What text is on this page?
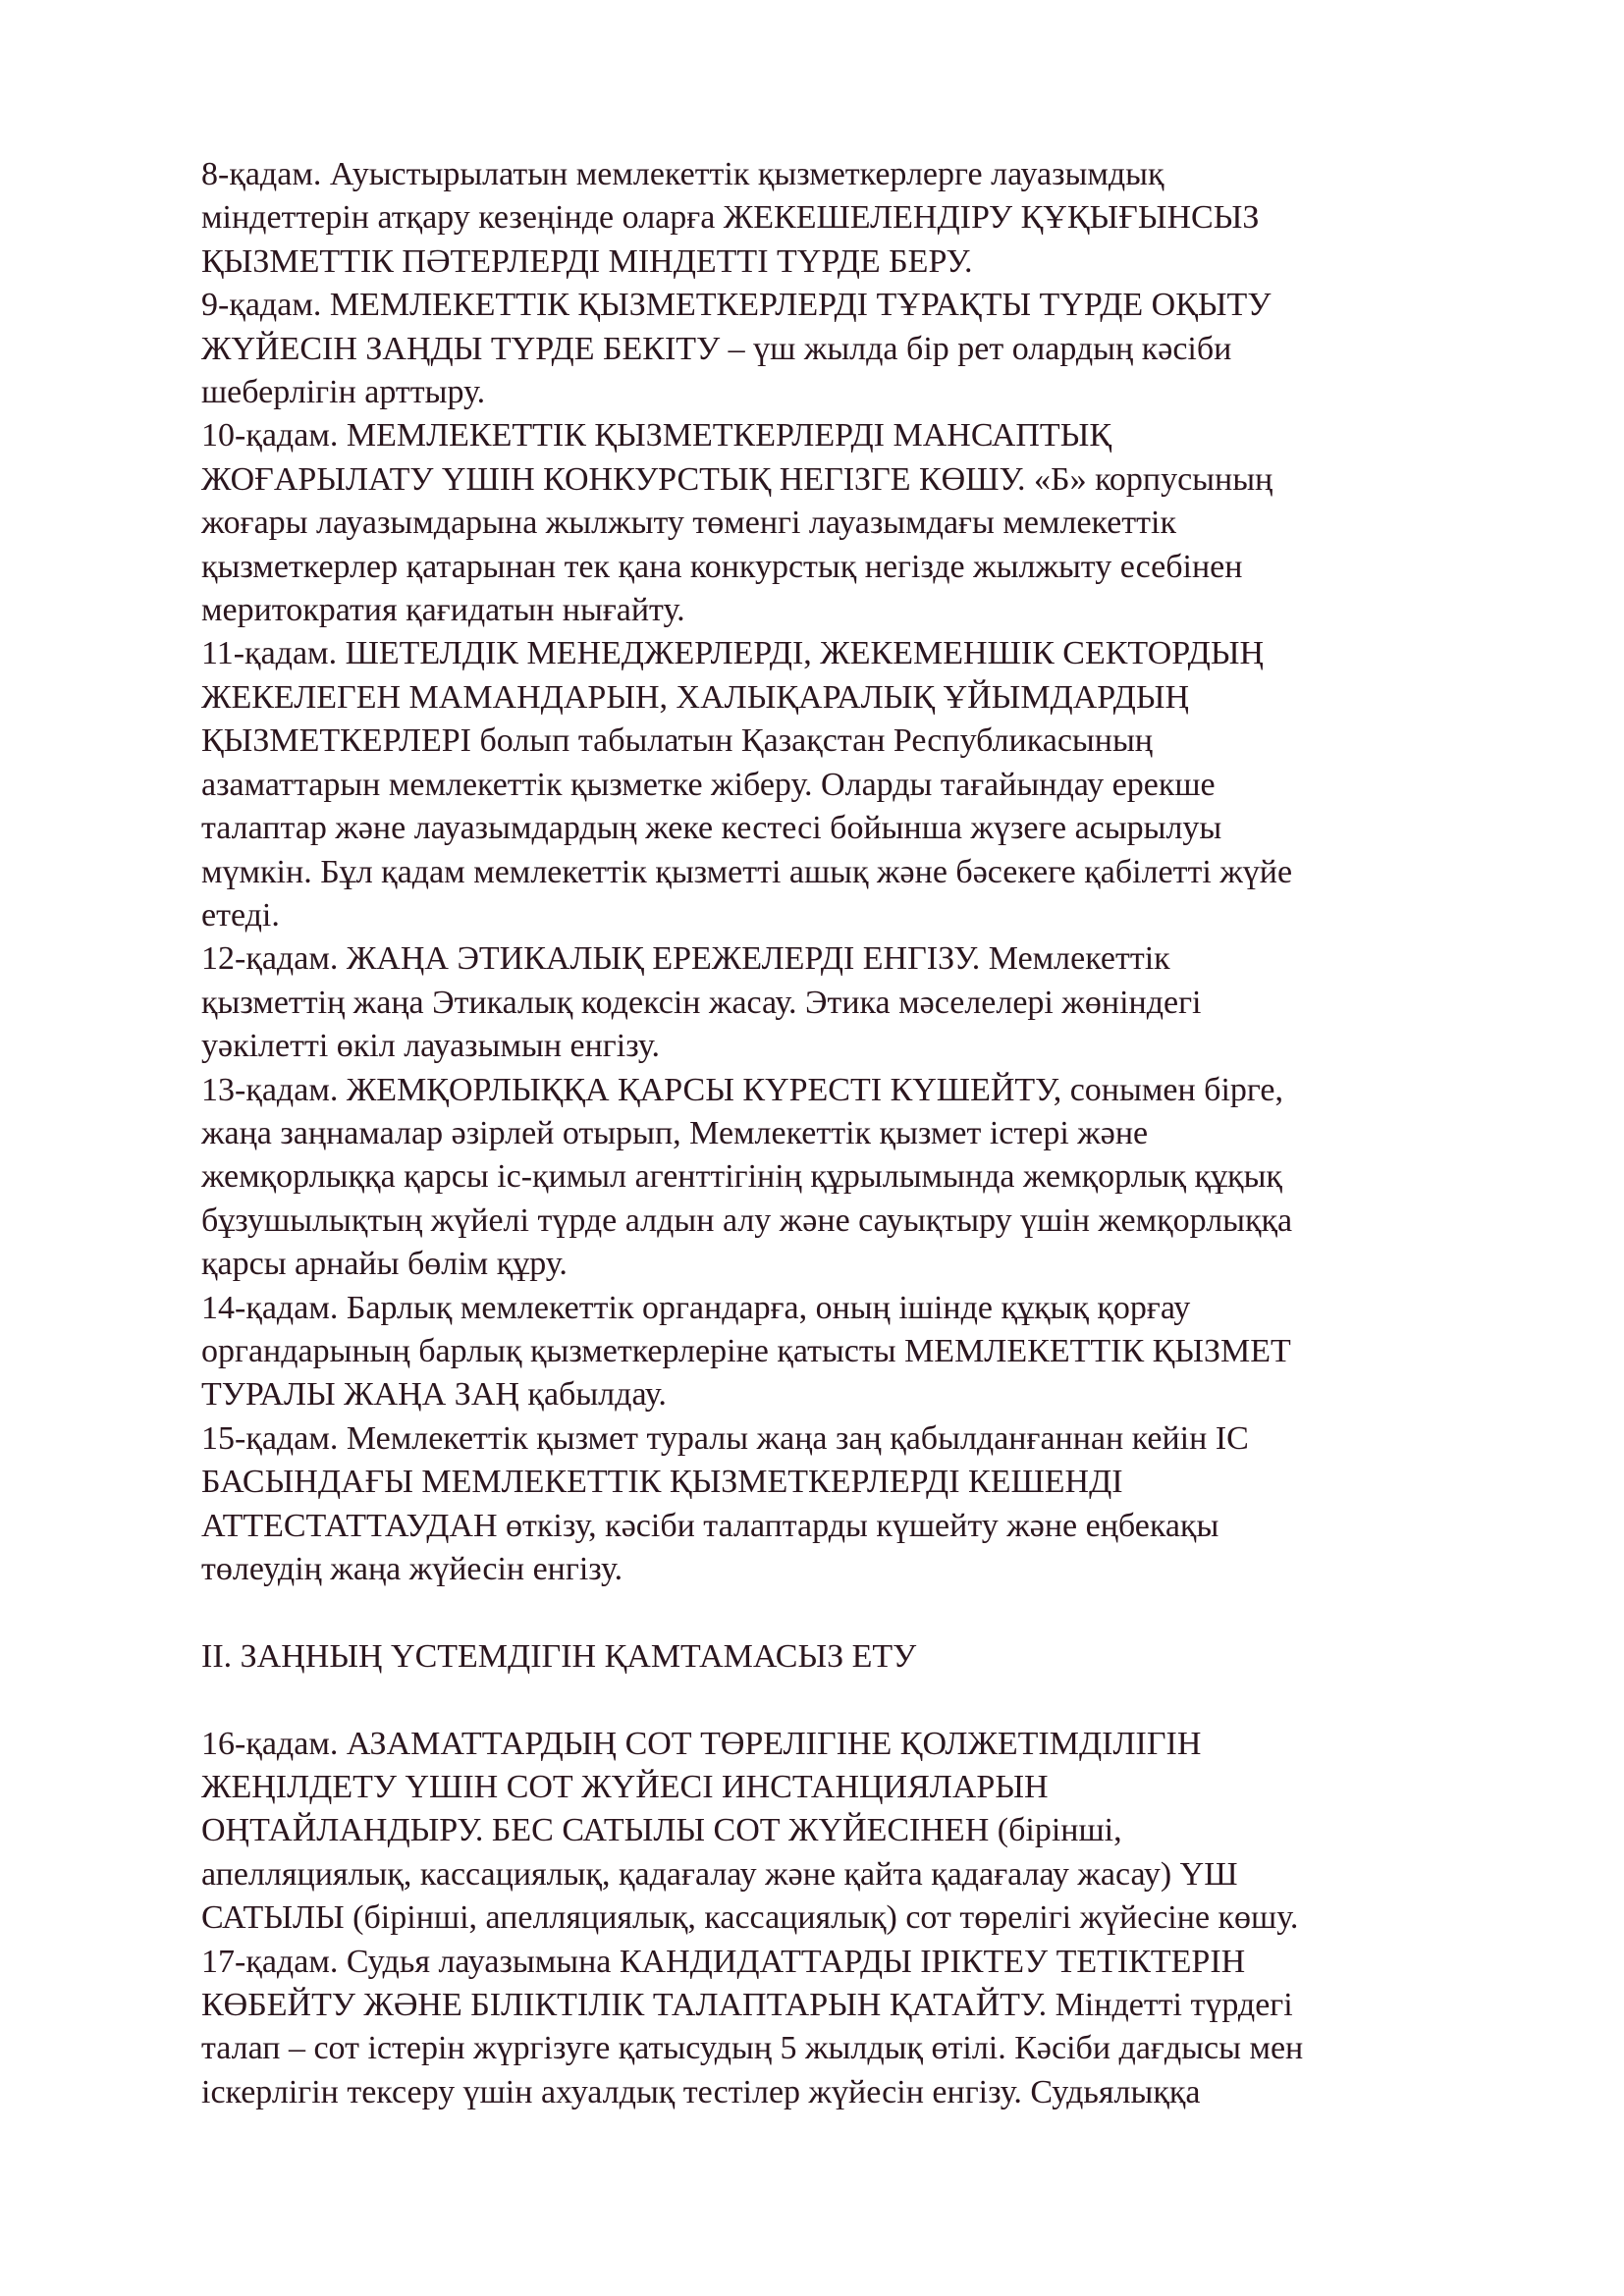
8-қадам. Ауыстырылатын мемлекеттік қызметкерлерге лауазымдық
міндеттерін атқару кезеңінде оларға ЖЕКЕШЕЛЕНДІРУ ҚҰҚЫҒЫНСЫЗ
ҚЫЗМЕТТІК ПӘТЕРЛЕРДІ МІНДЕТТІ ТҮРДЕ БЕРУ.
9-қадам. МЕМЛЕКЕТТІК ҚЫЗМЕТКЕРЛЕРДІ ТҰРАҚТЫ ТҮРДЕ ОҚЫТУ
ЖҮЙЕСІН ЗАҢДЫ ТҮРДЕ БЕКІТУ – үш жылда бір рет олардың кәсіби
шеберлігін арттыру.
10-қадам. МЕМЛЕКЕТТІК ҚЫЗМЕТКЕРЛЕРДІ МАНСАПТЫҚ
ЖОҒАРЫЛАТУ ҮШІН КОНКУРСТЫҚ НЕГІЗГЕ КӨШУ. «Б» корпусының
жоғары лауазымдарына жылжыту төменгі лауазымдағы мемлекеттік
қызметкерлер қатарынан тек қана конкурстық негізде жылжыту есебінен
меритократия қағидатын нығайту.
11-қадам. ШЕТЕЛДІК МЕНЕДЖЕРЛЕРДІ, ЖЕКЕМЕНШІК СЕКТОРДЫҢ
ЖЕКЕЛЕГЕН МАМАНДАРЫН, ХАЛЫҚАРАЛЫҚ ҰЙЫМДАРДЫҢ
ҚЫЗМЕТКЕРЛЕРІ болып табылатын Қазақстан Республикасының
азаматтарын мемлекеттік қызметке жіберу. Оларды тағайындау ерекше
талаптар және лауазымдардың жеке кестесі бойынша жүзеге асырылуы
мүмкін. Бұл қадам мемлекеттік қызметті ашық және бәсекеге қабілетті жүйе
етеді.
12-қадам. ЖАҢА ЭТИКАЛЫҚ ЕРЕЖЕЛЕРДІ ЕНГІЗУ. Мемлекеттік
қызметтің жаңа Этикалық кодексін жасау. Этика мәселелері жөніндегі
уәкілетті өкіл лауазымын енгізу.
13-қадам. ЖЕМҚОРЛЫҚҚА ҚАРСЫ КҮРЕСТІ КҮШЕЙТУ, сонымен бірге,
жаңа заңнамалар әзірлей отырып, Мемлекеттік қызмет істері және
жемқорлыққа қарсы іс-қимыл агенттігінің құрылымында жемқорлық құқық
бұзушылықтың жүйелі түрде алдын алу және сауықтыру үшін жемқорлыққа
қарсы арнайы бөлім құру.
14-қадам. Барлық мемлекеттік органдарға, оның ішінде құқық қорғау
органдарының барлық қызметкерлеріне қатысты МЕМЛЕКЕТТІК ҚЫЗМЕТ
ТУРАЛЫ ЖАҢА ЗАҢ қабылдау.
15-қадам. Мемлекеттік қызмет туралы жаңа заң қабылданғаннан кейін ІС
БАСЫНДАҒЫ МЕМЛЕКЕТТІК ҚЫЗМЕТКЕРЛЕРДІ КЕШЕНДІ
АТТЕСТАТТАУДАН өткізу, кәсіби талаптарды күшейту және еңбекақы
төлеудің жаңа жүйесін енгізу.
II. ЗАҢНЫҢ ҮСТЕМДІГІН ҚАМТАМАСЫЗ ЕТУ
16-қадам. АЗАМАТТАРДЫҢ СОТ ТӨРЕЛІГІНЕ ҚОЛЖЕТІМДІЛІГІН
ЖЕҢІЛДЕТУ ҮШІН СОТ ЖҮЙЕСІ ИНСТАНЦИЯЛАРЫН
ОҢТАЙЛАНДЫРУ. БЕС САТЫЛЫ СОТ ЖҮЙЕСІНЕН (бірінші,
апелляциялық, кассациялық, қадағалау және қайта қадағалау жасау) ҮШ
САТЫЛЫ (бірінші, апелляциялық, кассациялық) сот төрелігі жүйесіне көшу.
17-қадам. Судья лауазымына КАНДИДАТТАРДЫ ІРІКТЕУ ТЕТІКТЕРІН
КӨБЕЙТУ ЖӘНЕ БІЛІКТІЛІК ТАЛАПТАРЫН ҚАТАЙТУ. Міндетті түрдегі
талап – сот істерін жүргізуге қатысудың 5 жылдық өтілі. Кәсіби дағдысы мен
іскерлігін тексеру үшін ахуалдық тестілер жүйесін енгізу. Судьялыққа
